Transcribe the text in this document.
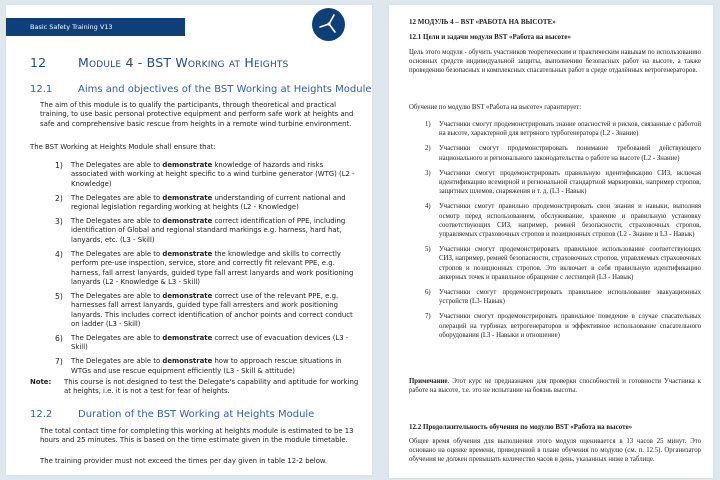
Basic Safety Training V13
12	Module 4 - BST Working at Heights
12.1	Aims and objectives of the BST Working at Heights Module
The aim of this module is to qualify the participants, through theoretical and practical training, to use basic personal protective equipment and perform safe work at heights and safe and comprehensive basic rescue from heights in a remote wind turbine environment.
The BST Working at Heights Module shall ensure that:
1) The Delegates are able to demonstrate knowledge of hazards and risks associated with working at height specific to a wind turbine generator (WTG) (L2 - Knowledge)
2) The Delegates are able to demonstrate understanding of current national and regional legislation regarding working at heights (L2 - Knowledge)
3) The Delegates are able to demonstrate correct identification of PPE, including identification of Global and regional standard markings e.g. harness, hard hat, lanyards, etc. (L3 - Skill)
4) The Delegates are able to demonstrate the knowledge and skills to correctly perform pre-use inspection, service, store and correctly fit relevant PPE, e.g. harness, fall arrest lanyards, guided type fall arrest lanyards and work positioning lanyards (L2 - Knowledge & L3 - Skill)
5) The Delegates are able to demonstrate correct use of the relevant PPE, e.g. harnesses fall arrest lanyards, guided type fall arresters and work positioning lanyards. This includes correct identification of anchor points and correct conduct on ladder (L3 - Skill)
6) The Delegates are able to demonstrate correct use of evacuation devices (L3 - Skill)
7) The Delegates are able to demonstrate how to approach rescue situations in WTGs and use rescue equipment efficiently (L3 - Skill & attitude)
Note: This course is not designed to test the Delegate's capability and aptitude for working at heights, i.e. it is not a test for fear of heights.
12.2	Duration of the BST Working at Heights Module
The total contact time for completing this working at heights module is estimated to be 13 hours and 25 minutes. This is based on the time estimate given in the module timetable.
The training provider must not exceed the times per day given in table 12-2 below.
12 МОДУЛЬ 4 – BST «РАБОТА НА ВЫСОТЕ»
12.1 Цели и задачи модуля BST «Работа на высоте»
Цель этого модуля - обучить участников теоретическим и практическим навыкам по использованию основных средств индивидуальной защиты, выполнению безопасных работ на высоте, а также проведению безопасных и комплексных спасательных работ в среде отдалённых ветрогенераторов.
Обучение по модулю BST «Работа на высоте» гарантирует:
1) Участники смогут продемонстрировать знание опасностей и рисков, связанные с работой на высоте, характерной для ветряного турбогенератора (L2 - Знание)
2) Участники смогут продемонстрировать понимание требований действующего национального и регионального законодательства о работе на высоте (L2 - Знание)
3) Участники смогут продемонстрировать правильную идентификацию СИЗ, включая идентификацию всемирной и региональной стандартной маркировки, например стропов, защитных шлемов, снаряжения и т. д. (L3 - Навык)
4) Участники смогут правильно продемонстрировать свои знания и навыки, выполняя осмотр перед использованием, обслуживание, хранение и правильную установку соответствующих СИЗ, например, ремней безопасности, страховочных стропов, управляемых страховочных стропов и позиционных стропов (L2 - Знание и L3 - Навык)
5) Участники смогут продемонстрировать правильное использование соответствующих СИЗ, например, ремней безопасности, страховочных стропов, управляемых страховочных стропов и позиционных стропов. Это включает в себя правильную идентификацию анкерных точек и правильное обращение с лестницей (L3 - Навык)
6) Участники смогут продемонстрировать правильное использование эвакуационных устройств (L3- Навык)
7) Участники смогут продемонстрировать правильное поведение в случае спасательных операций на турбинах ветрогенераторов и эффективное использование спасательного оборудования (L3 - Навыки и отношение)
Примечание. Этот курс не предназначен для проверки способностей и готовности Участника к работе на высоте, т.е. это не испытание на боязнь высоты.
12.2 Продолжительность обучения по модулю BST «Работа на высоте»
Общее время обучения для выполнения этого модуля оценивается в 13 часов 25 минут. Это основано на оценке времени, приведенной в плане обучения по модулю (см. п. 12.5). Организатор обучения не должен превышать количество часов в день, указанных ниже в таблице.
